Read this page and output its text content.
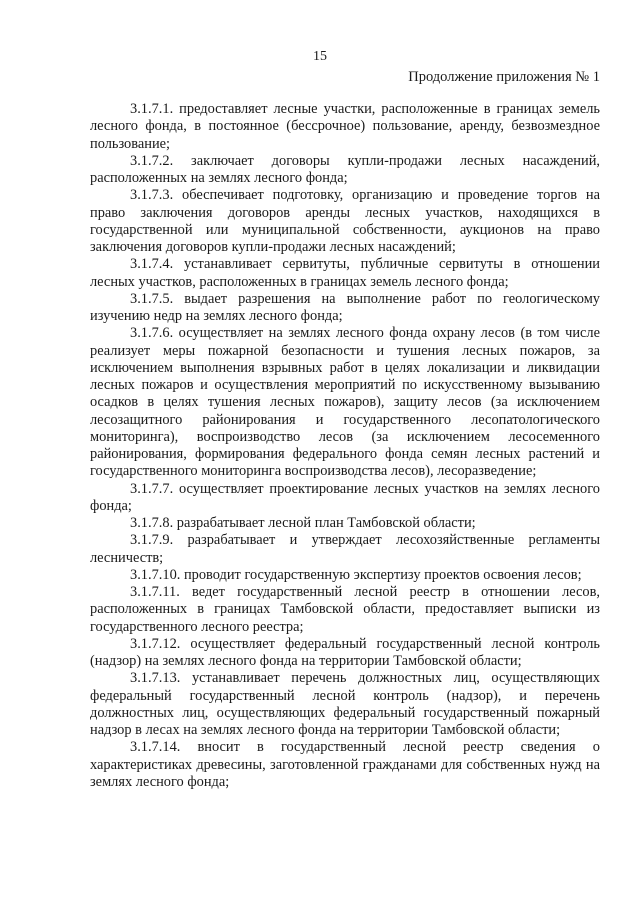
15
Продолжение приложения № 1

3.1.7.1. предоставляет лесные участки, расположенные в границах земель лесного фонда, в постоянное (бессрочное) пользование, аренду, безвозмездное пользование;

3.1.7.2. заключает договоры купли-продажи лесных насаждений, расположенных на землях лесного фонда;

3.1.7.3. обеспечивает подготовку, организацию и проведение торгов на право заключения договоров аренды лесных участков, находящихся в государственной или муниципальной собственности, аукционов на право заключения договоров купли-продажи лесных насаждений;

3.1.7.4. устанавливает сервитуты, публичные сервитуты в отношении лесных участков, расположенных в границах земель лесного фонда;

3.1.7.5. выдает разрешения на выполнение работ по геологическому изучению недр на землях лесного фонда;

3.1.7.6. осуществляет на землях лесного фонда охрану лесов (в том числе реализует меры пожарной безопасности и тушения лесных пожаров, за исключением выполнения взрывных работ в целях локализации и ликвидации лесных пожаров и осуществления мероприятий по искусственному вызыванию осадков в целях тушения лесных пожаров), защиту лесов (за исключением лесозащитного районирования и государственного лесопатологического мониторинга), воспроизводство лесов (за исключением лесосеменного районирования, формирования федерального фонда семян лесных растений и государственного мониторинга воспроизводства лесов), лесоразведение;

3.1.7.7. осуществляет проектирование лесных участков на землях лесного фонда;

3.1.7.8. разрабатывает лесной план Тамбовской области;

3.1.7.9. разрабатывает и утверждает лесохозяйственные регламенты лесничеств;

3.1.7.10. проводит государственную экспертизу проектов освоения лесов;

3.1.7.11. ведет государственный лесной реестр в отношении лесов, расположенных в границах Тамбовской области, предоставляет выписки из государственного лесного реестра;

3.1.7.12. осуществляет федеральный государственный лесной контроль (надзор) на землях лесного фонда на территории Тамбовской области;

3.1.7.13. устанавливает перечень должностных лиц, осуществляющих федеральный государственный лесной контроль (надзор), и перечень должностных лиц, осуществляющих федеральный государственный пожарный надзор в лесах на землях лесного фонда на территории Тамбовской области;

3.1.7.14. вносит в государственный лесной реестр сведения о характеристиках древесины, заготовленной гражданами для собственных нужд на землях лесного фонда;
